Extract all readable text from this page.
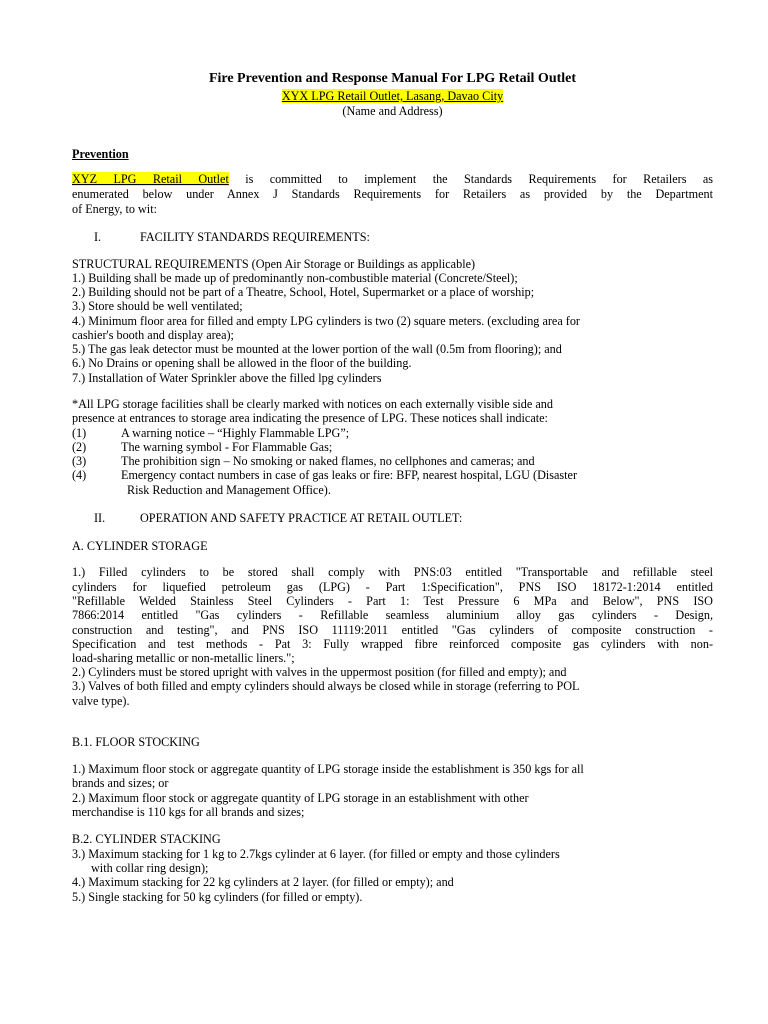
Fire Prevention and Response Manual For LPG Retail Outlet
XYX LPG Retail Outlet, Lasang, Davao City
(Name and Address)
Prevention
XYZ LPG Retail Outlet is committed to implement the Standards Requirements for Retailers as
enumerated below under Annex J Standards Requirements for Retailers as provided by the Department
of Energy, to wit:
I.	FACILITY STANDARDS REQUIREMENTS:
STRUCTURAL REQUIREMENTS (Open Air Storage or Buildings as applicable)
1.) Building shall be made up of predominantly non-combustible material (Concrete/Steel);
2.) Building should not be part of a Theatre, School, Hotel, Supermarket or a place of worship;
3.) Store should be well ventilated;
4.) Minimum floor area for filled and empty LPG cylinders is two (2) square meters. (excluding area for
cashier's booth and display area);
5.) The gas leak detector must be mounted at the lower portion of the wall (0.5m from flooring); and
6.) No Drains or opening shall be allowed in the floor of the building.
7.) Installation of Water Sprinkler above the filled lpg cylinders
*All LPG storage facilities shall be clearly marked with notices on each externally visible side and
presence at entrances to storage area indicating the presence of LPG. These notices shall indicate:
(1)	A warning notice – “Highly Flammable LPG”;
(2)	The warning symbol - For Flammable Gas;
(3)	The prohibition sign – No smoking or naked flames, no cellphones and cameras; and
(4)	Emergency contact numbers in case of gas leaks or fire: BFP, nearest hospital, LGU (Disaster
Risk Reduction and Management Office).
II.	OPERATION AND SAFETY PRACTICE AT RETAIL OUTLET:
A. CYLINDER STORAGE
1.) Filled cylinders to be stored shall comply with PNS:03 entitled "Transportable and refillable steel
cylinders for liquefied petroleum gas (LPG) - Part 1:Specification", PNS ISO 18172-1:2014 entitled
"Refillable Welded Stainless Steel Cylinders - Part 1: Test Pressure 6 MPa and Below", PNS ISO
7866:2014 entitled "Gas cylinders - Refillable seamless aluminium alloy gas cylinders - Design,
construction and testing", and PNS ISO 11119:2011 entitled "Gas cylinders of composite construction -
Specification and test methods - Pat 3: Fully wrapped fibre reinforced composite gas cylinders with non-
load-sharing metallic or non-metallic liners.";
2.) Cylinders must be stored upright with valves in the uppermost position (for filled and empty); and
3.) Valves of both filled and empty cylinders should always be closed while in storage (referring to POL
valve type).
B.1. FLOOR STOCKING
1.) Maximum floor stock or aggregate quantity of LPG storage inside the establishment is 350 kgs for all
brands and sizes; or
2.) Maximum floor stock or aggregate quantity of LPG storage in an establishment with other
merchandise is 110 kgs for all brands and sizes;
B.2. CYLINDER STACKING
3.) Maximum stacking for 1 kg to 2.7kgs cylinder at 6 layer. (for filled or empty and those cylinders
with collar ring design);
4.) Maximum stacking for 22 kg cylinders at 2 layer. (for filled or empty); and
5.) Single stacking for 50 kg cylinders (for filled or empty).
